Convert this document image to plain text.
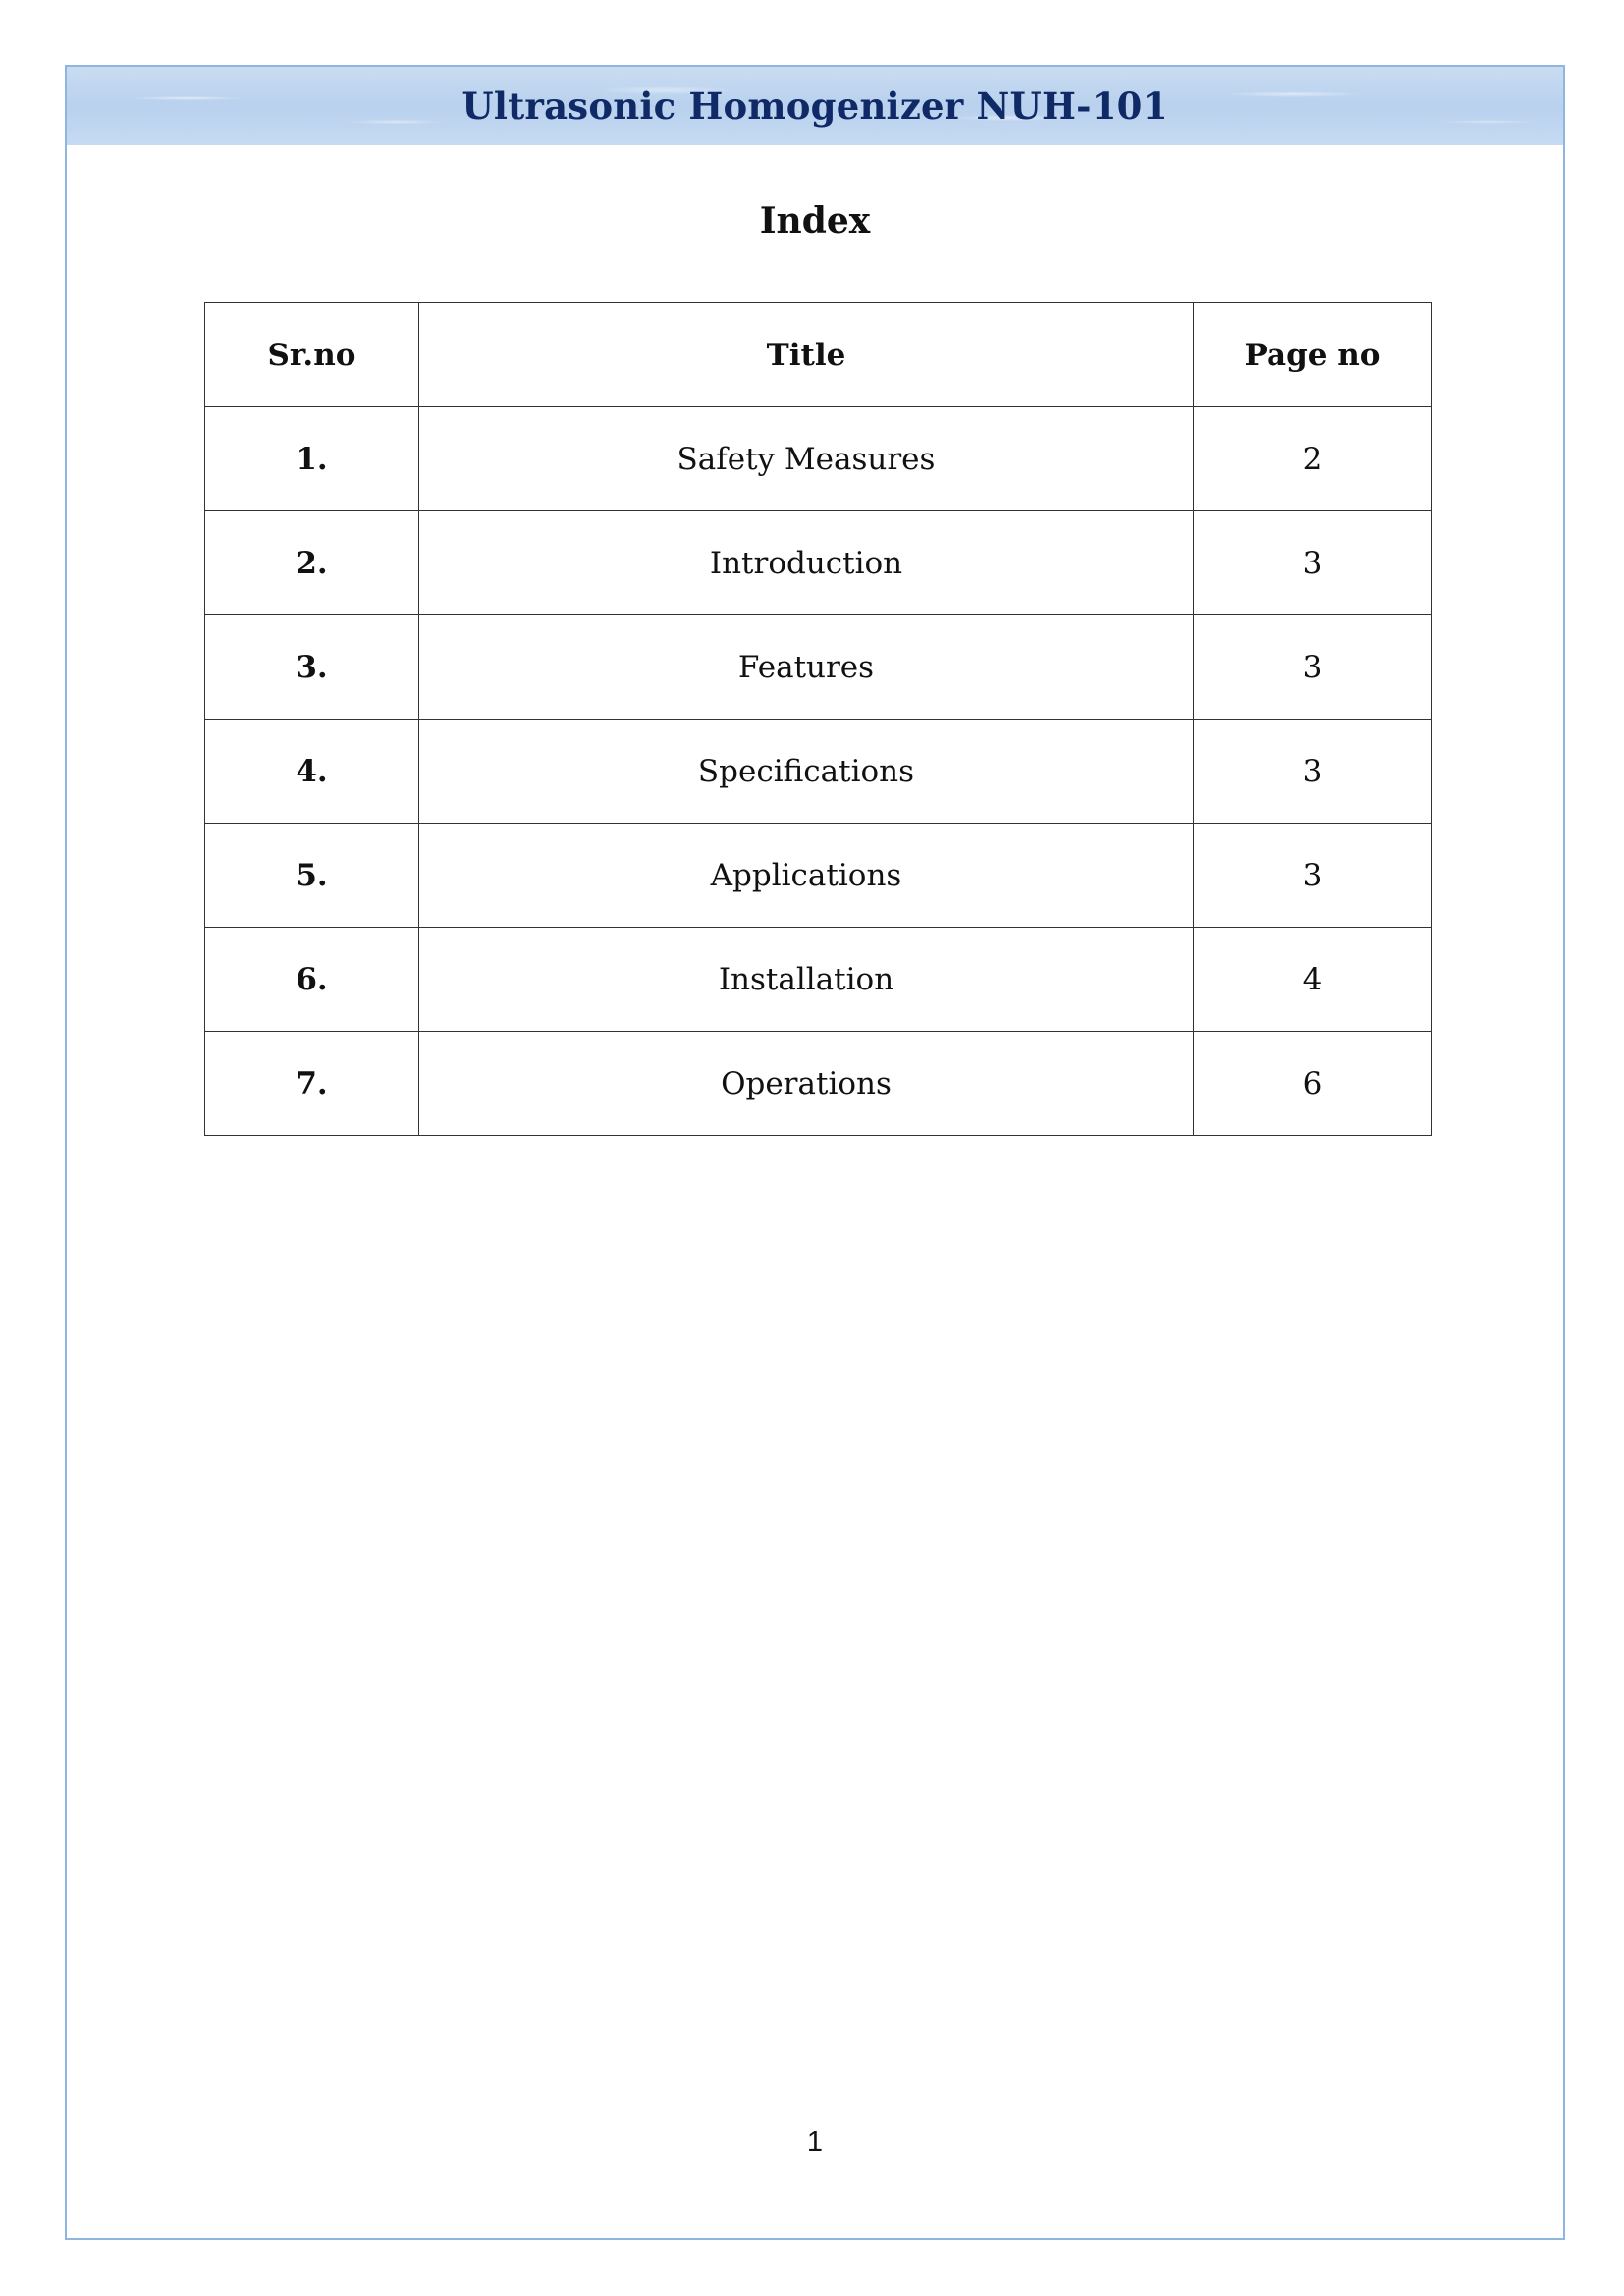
Ultrasonic Homogenizer NUH-101
Index
Sr.no	Title	Page no
1.	Safety Measures	2
2.	Introduction	3
3.	Features	3
4.	Specifications	3
5.	Applications	3
6.	Installation	4
7.	Operations	6
1
